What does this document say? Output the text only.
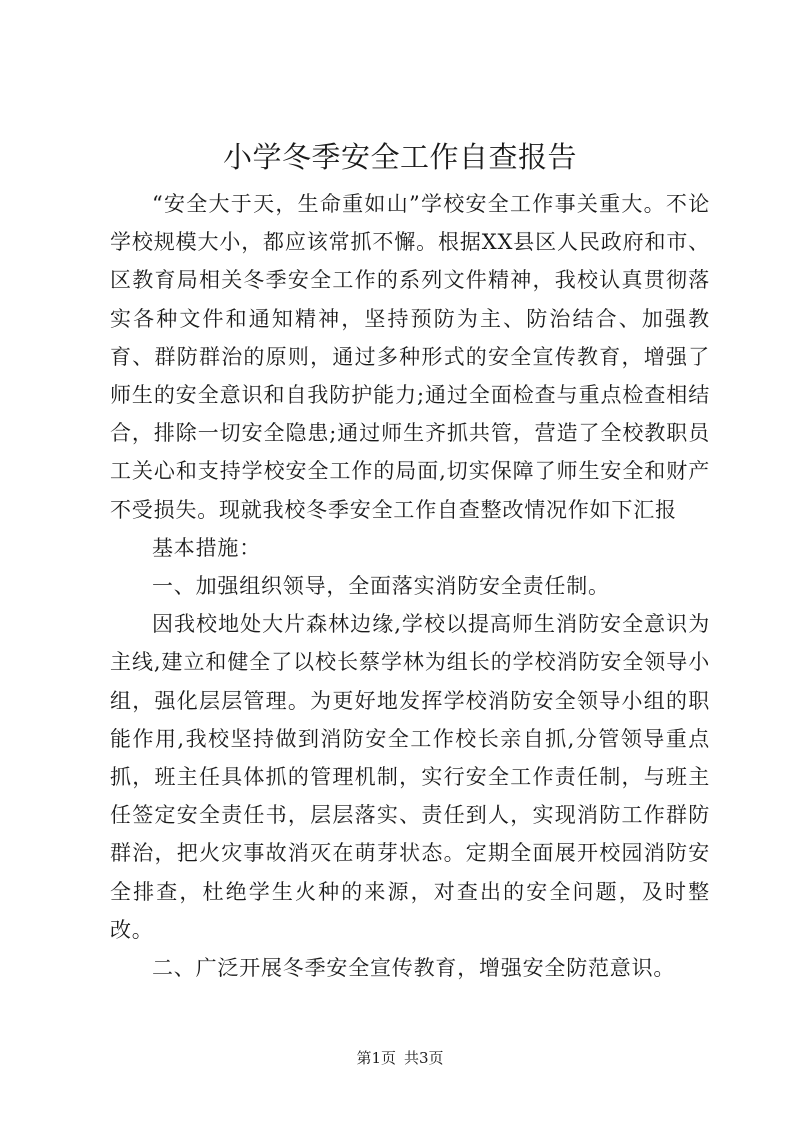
小学冬季安全工作自查报告

“安全大于天，生命重如山”学校安全工作事关重大。不论学校规模大小，都应该常抓不懈。根据XX县区人民政府和市、区教育局相关冬季安全工作的系列文件精神，我校认真贯彻落实各种文件和通知精神，坚持预防为主、防治结合、加强教育、群防群治的原则，通过多种形式的安全宣传教育，增强了师生的安全意识和自我防护能力;通过全面检查与重点检查相结合，排除一切安全隐患;通过师生齐抓共管，营造了全校教职员工关心和支持学校安全工作的局面,切实保障了师生安全和财产不受损失。现就我校冬季安全工作自查整改情况作如下汇报

基本措施：

一、加强组织领导，全面落实消防安全责任制。

因我校地处大片森林边缘,学校以提高师生消防安全意识为主线,建立和健全了以校长蔡学林为组长的学校消防安全领导小组，强化层层管理。为更好地发挥学校消防安全领导小组的职能作用,我校坚持做到消防安全工作校长亲自抓,分管领导重点抓，班主任具体抓的管理机制，实行安全工作责任制，与班主任签定安全责任书，层层落实、责任到人，实现消防工作群防群治，把火灾事故消灭在萌芽状态。定期全面展开校园消防安全排查，杜绝学生火种的来源，对查出的安全问题，及时整改。

二、广泛开展冬季安全宣传教育，增强安全防范意识。

第1页 共3页
